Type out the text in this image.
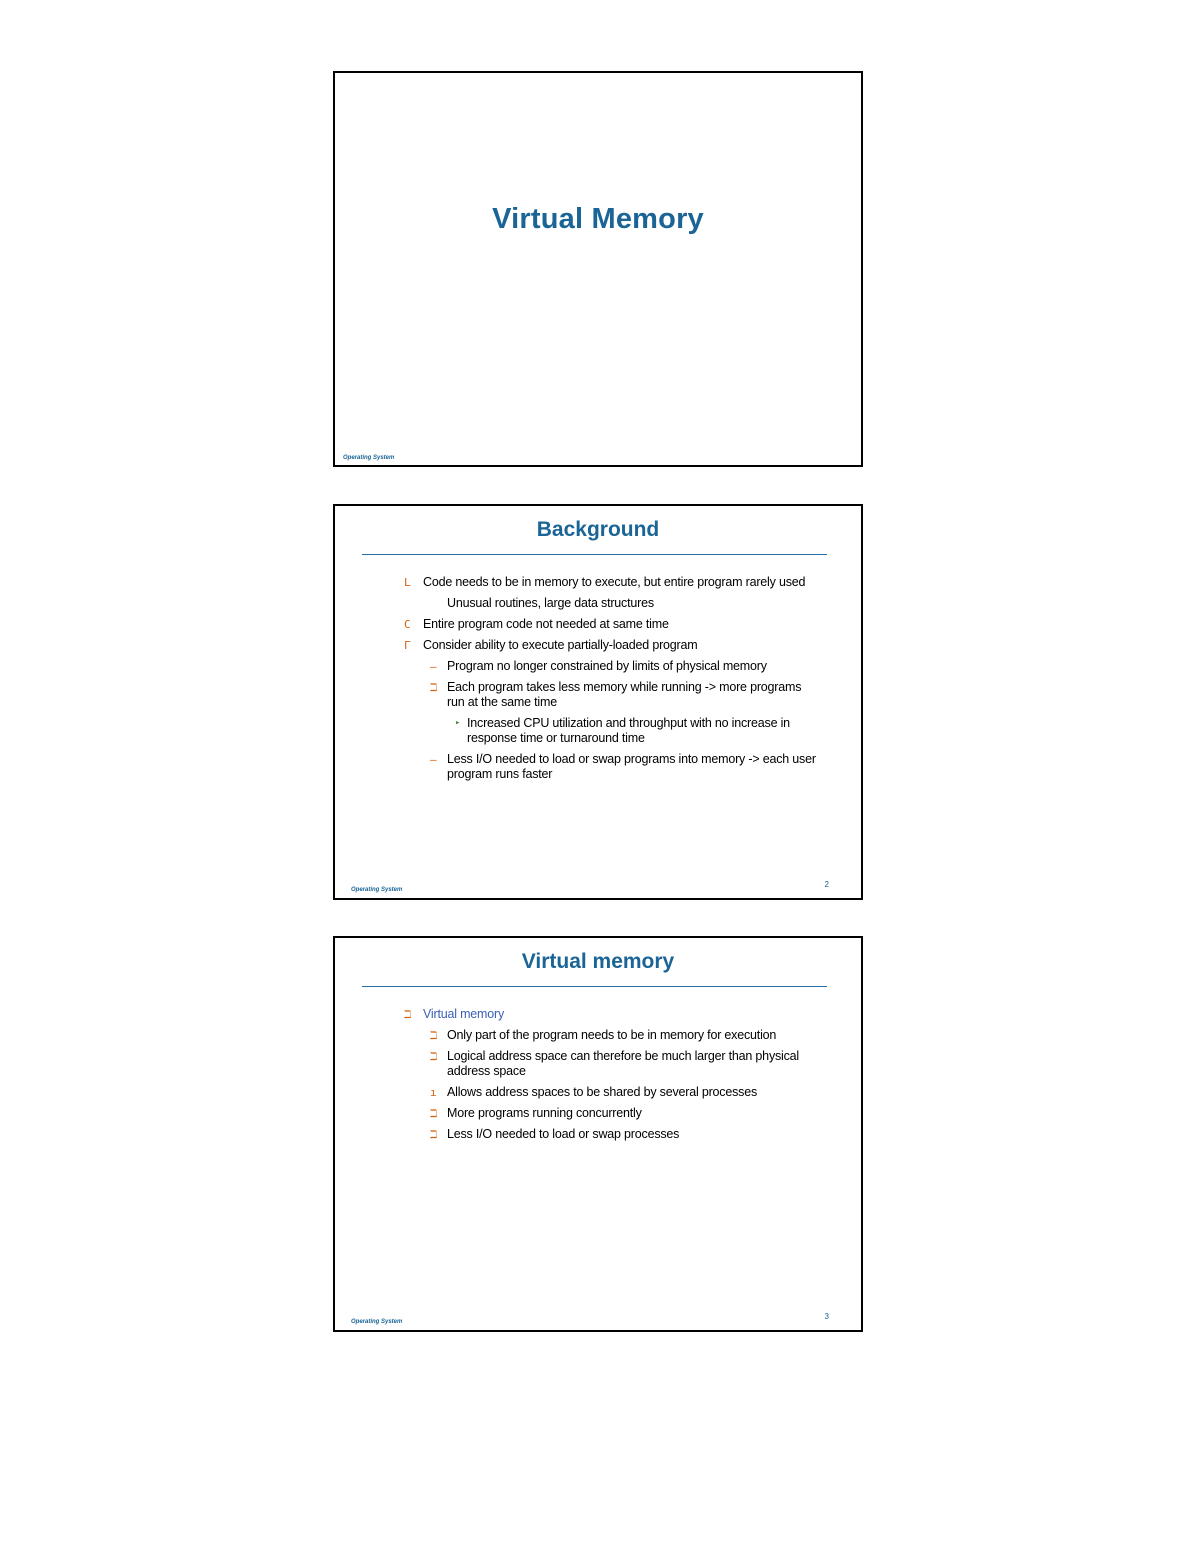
Virtual Memory
Operating System
Background
L Code needs to be in memory to execute, but entire program rarely used
Unusual routines, large data structures
C Entire program code not needed at same time
Γ Consider ability to execute partially-loaded program
– Program no longer constrained by limits of physical memory
ℶ Each program takes less memory while running -> more programs run at the same time
▸ Increased CPU utilization and throughput with no increase in response time or turnaround time
– Less I/O needed to load or swap programs into memory -> each user program runs faster
Operating System
2
Virtual memory
ℶ Virtual memory
ℶ Only part of the program needs to be in memory for execution
ℶ Logical address space can therefore be much larger than physical address space
ı Allows address spaces to be shared by several processes
ℶ More programs running concurrently
ℶ Less I/O needed to load or swap processes
Operating System
3
